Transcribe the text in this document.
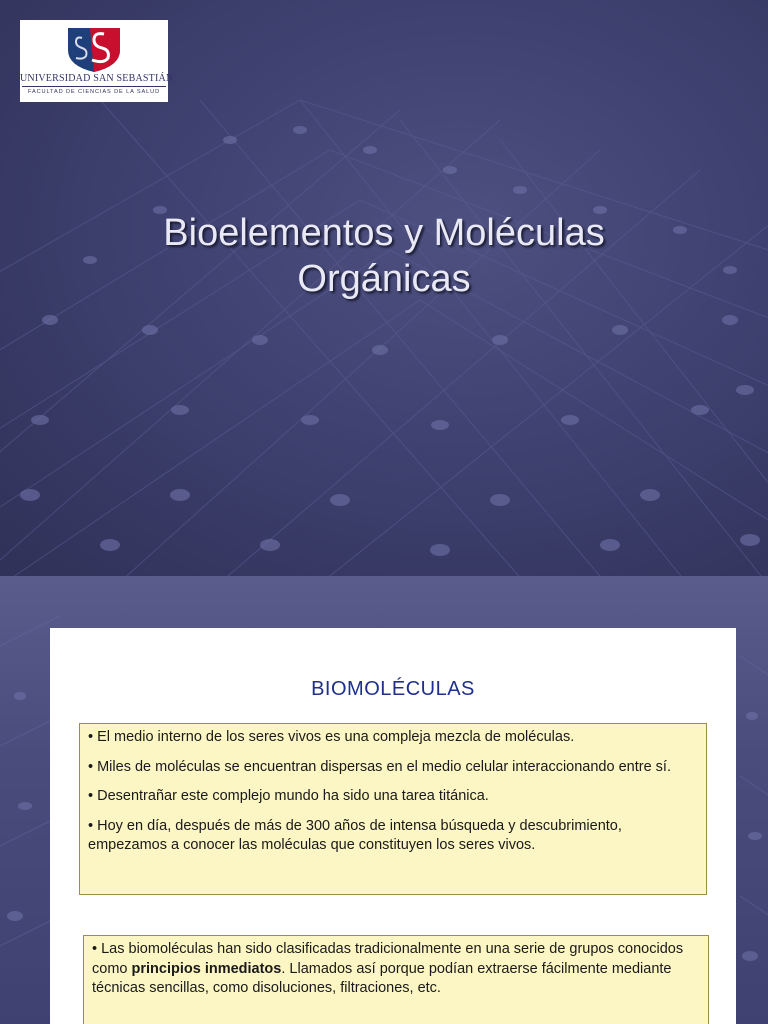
UNIVERSIDAD SAN SEBASTIÁN
FACULTAD DE CIENCIAS DE LA SALUD
Bioelementos y Moléculas
Orgánicas
BIOMOLÉCULAS

• El medio interno de los seres vivos es una compleja mezcla de moléculas.

• Miles de moléculas se encuentran dispersas en el medio celular interaccionando entre sí.

• Desentrañar este complejo mundo ha sido una tarea titánica.

• Hoy en día, después de más de 300 años de intensa búsqueda y descubrimiento, empezamos a conocer las moléculas que constituyen los seres vivos.

• Las biomoléculas han sido clasificadas tradicionalmente en una serie de grupos conocidos como principios inmediatos. Llamados así porque podían extraerse fácilmente mediante técnicas sencillas, como disoluciones, filtraciones, etc.
